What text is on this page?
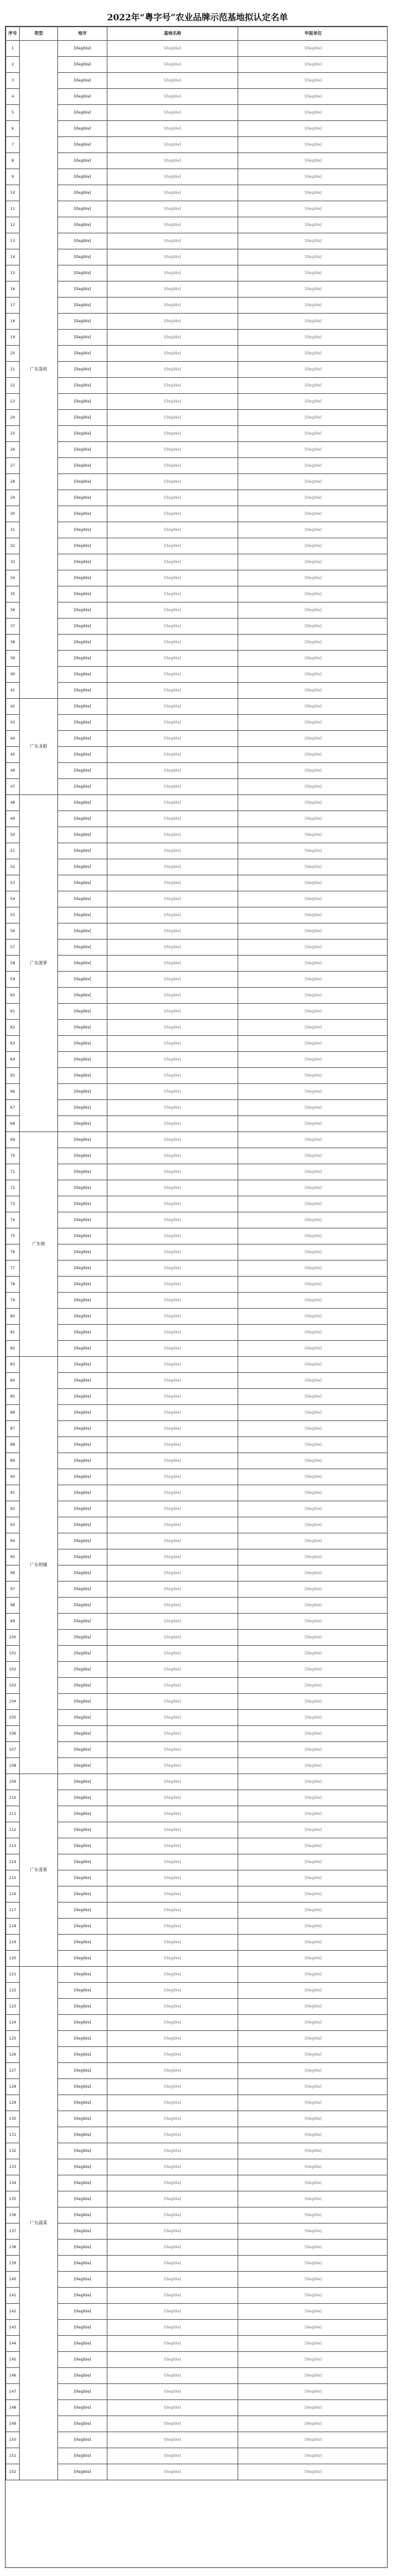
2022年“粤字号”农业品牌示范基地拟认定名单
序号	类型	地市	基地名称	申报单位
1	广东荔枝	[illegible]	[illegible]	[illegible]
2		[illegible]	[illegible]	[illegible]
3		[illegible]	[illegible]	[illegible]
4		[illegible]	[illegible]	[illegible]
5		[illegible]	[illegible]	[illegible]
6		[illegible]	[illegible]	[illegible]
7		[illegible]	[illegible]	[illegible]
8		[illegible]	[illegible]	[illegible]
9		[illegible]	[illegible]	[illegible]
10		[illegible]	[illegible]	[illegible]
11		[illegible]	[illegible]	[illegible]
12		[illegible]	[illegible]	[illegible]
13		[illegible]	[illegible]	[illegible]
14		[illegible]	[illegible]	[illegible]
15		[illegible]	[illegible]	[illegible]
16		[illegible]	[illegible]	[illegible]
17		[illegible]	[illegible]	[illegible]
18		[illegible]	[illegible]	[illegible]
19		[illegible]	[illegible]	[illegible]
20		[illegible]	[illegible]	[illegible]
21		[illegible]	[illegible]	[illegible]
22		[illegible]	[illegible]	[illegible]
23		[illegible]	[illegible]	[illegible]
24		[illegible]	[illegible]	[illegible]
25		[illegible]	[illegible]	[illegible]
26		[illegible]	[illegible]	[illegible]
27		[illegible]	[illegible]	[illegible]
28		[illegible]	[illegible]	[illegible]
29		[illegible]	[illegible]	[illegible]
30		[illegible]	[illegible]	[illegible]
31		[illegible]	[illegible]	[illegible]
32		[illegible]	[illegible]	[illegible]
33		[illegible]	[illegible]	[illegible]
34		[illegible]	[illegible]	[illegible]
35		[illegible]	[illegible]	[illegible]
36		[illegible]	[illegible]	[illegible]
37		[illegible]	[illegible]	[illegible]
38		[illegible]	[illegible]	[illegible]
39		[illegible]	[illegible]	[illegible]
40		[illegible]	[illegible]	[illegible]
41		[illegible]	[illegible]	[illegible]
42	广东龙眼	[illegible]	[illegible]	[illegible]
43		[illegible]	[illegible]	[illegible]
44		[illegible]	[illegible]	[illegible]
45		[illegible]	[illegible]	[illegible]
46		[illegible]	[illegible]	[illegible]
47		[illegible]	[illegible]	[illegible]
48	广东菠萝	[illegible]	[illegible]	[illegible]
49		[illegible]	[illegible]	[illegible]
50		[illegible]	[illegible]	[illegible]
51		[illegible]	[illegible]	[illegible]
52		[illegible]	[illegible]	[illegible]
53		[illegible]	[illegible]	[illegible]
54		[illegible]	[illegible]	[illegible]
55		[illegible]	[illegible]	[illegible]
56		[illegible]	[illegible]	[illegible]
57		[illegible]	[illegible]	[illegible]
58		[illegible]	[illegible]	[illegible]
59		[illegible]	[illegible]	[illegible]
60		[illegible]	[illegible]	[illegible]
61		[illegible]	[illegible]	[illegible]
62		[illegible]	[illegible]	[illegible]
63		[illegible]	[illegible]	[illegible]
64		[illegible]	[illegible]	[illegible]
65		[illegible]	[illegible]	[illegible]
66		[illegible]	[illegible]	[illegible]
67		[illegible]	[illegible]	[illegible]
68		[illegible]	[illegible]	[illegible]
69	广东柚	[illegible]	[illegible]	[illegible]
70		[illegible]	[illegible]	[illegible]
71		[illegible]	[illegible]	[illegible]
72		[illegible]	[illegible]	[illegible]
73		[illegible]	[illegible]	[illegible]
74		[illegible]	[illegible]	[illegible]
75		[illegible]	[illegible]	[illegible]
76		[illegible]	[illegible]	[illegible]
77		[illegible]	[illegible]	[illegible]
78		[illegible]	[illegible]	[illegible]
79		[illegible]	[illegible]	[illegible]
80		[illegible]	[illegible]	[illegible]
81		[illegible]	[illegible]	[illegible]
82		[illegible]	[illegible]	[illegible]
83	广东柑橘	[illegible]	[illegible]	[illegible]
84		[illegible]	[illegible]	[illegible]
85		[illegible]	[illegible]	[illegible]
86		[illegible]	[illegible]	[illegible]
87		[illegible]	[illegible]	[illegible]
88		[illegible]	[illegible]	[illegible]
89		[illegible]	[illegible]	[illegible]
90		[illegible]	[illegible]	[illegible]
91		[illegible]	[illegible]	[illegible]
92		[illegible]	[illegible]	[illegible]
93		[illegible]	[illegible]	[illegible]
94		[illegible]	[illegible]	[illegible]
95		[illegible]	[illegible]	[illegible]
96		[illegible]	[illegible]	[illegible]
97		[illegible]	[illegible]	[illegible]
98		[illegible]	[illegible]	[illegible]
99		[illegible]	[illegible]	[illegible]
100		[illegible]	[illegible]	[illegible]
101		[illegible]	[illegible]	[illegible]
102		[illegible]	[illegible]	[illegible]
103		[illegible]	[illegible]	[illegible]
104		[illegible]	[illegible]	[illegible]
105		[illegible]	[illegible]	[illegible]
106		[illegible]	[illegible]	[illegible]
107		[illegible]	[illegible]	[illegible]
108		[illegible]	[illegible]	[illegible]
109	广东香蕉	[illegible]	[illegible]	[illegible]
110		[illegible]	[illegible]	[illegible]
111		[illegible]	[illegible]	[illegible]
112		[illegible]	[illegible]	[illegible]
113		[illegible]	[illegible]	[illegible]
114		[illegible]	[illegible]	[illegible]
115		[illegible]	[illegible]	[illegible]
116		[illegible]	[illegible]	[illegible]
117		[illegible]	[illegible]	[illegible]
118		[illegible]	[illegible]	[illegible]
119		[illegible]	[illegible]	[illegible]
120		[illegible]	[illegible]	[illegible]
121	广东蔬菜	[illegible]	[illegible]	[illegible]
122		[illegible]	[illegible]	[illegible]
123		[illegible]	[illegible]	[illegible]
124		[illegible]	[illegible]	[illegible]
125		[illegible]	[illegible]	[illegible]
126		[illegible]	[illegible]	[illegible]
127		[illegible]	[illegible]	[illegible]
128		[illegible]	[illegible]	[illegible]
129		[illegible]	[illegible]	[illegible]
130		[illegible]	[illegible]	[illegible]
131		[illegible]	[illegible]	[illegible]
132		[illegible]	[illegible]	[illegible]
133		[illegible]	[illegible]	[illegible]
134		[illegible]	[illegible]	[illegible]
135		[illegible]	[illegible]	[illegible]
136		[illegible]	[illegible]	[illegible]
137		[illegible]	[illegible]	[illegible]
138		[illegible]	[illegible]	[illegible]
139		[illegible]	[illegible]	[illegible]
140		[illegible]	[illegible]	[illegible]
141		[illegible]	[illegible]	[illegible]
142		[illegible]	[illegible]	[illegible]
143		[illegible]	[illegible]	[illegible]
144		[illegible]	[illegible]	[illegible]
145		[illegible]	[illegible]	[illegible]
146		[illegible]	[illegible]	[illegible]
147		[illegible]	[illegible]	[illegible]
148		[illegible]	[illegible]	[illegible]
149		[illegible]	[illegible]	[illegible]
150		[illegible]	[illegible]	[illegible]
151		[illegible]	[illegible]	[illegible]
152		[illegible]	[illegible]	[illegible]
